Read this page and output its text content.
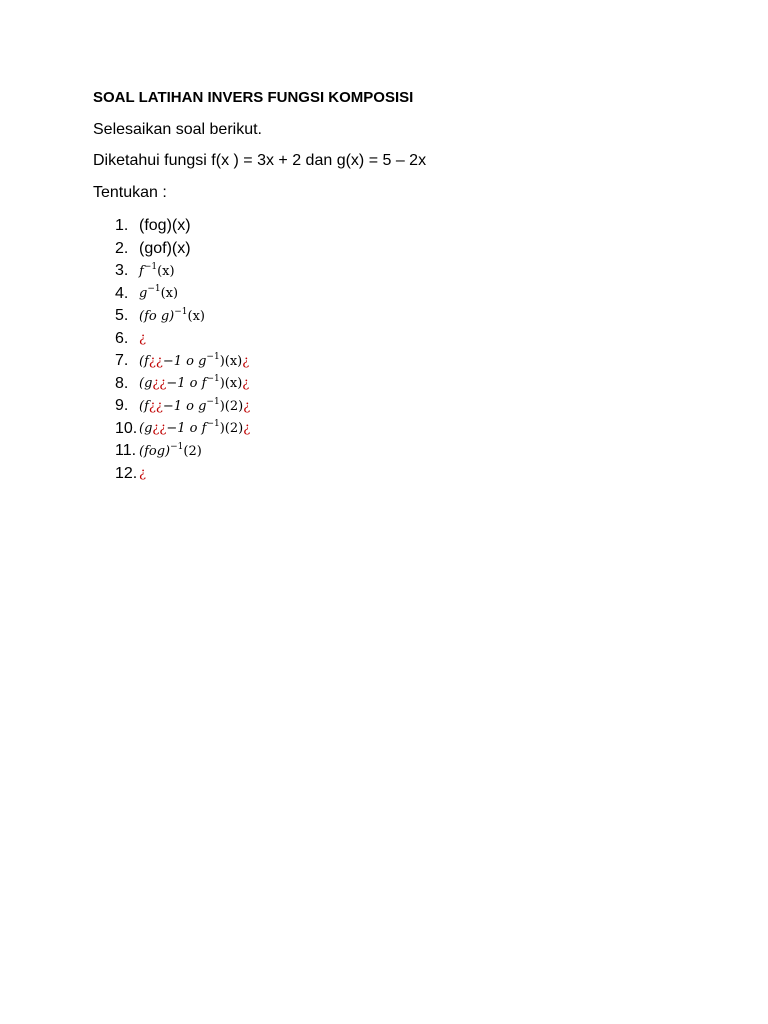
SOAL LATIHAN INVERS FUNGSI KOMPOSISI
Selesaikan soal berikut.
Diketahui fungsi f(x ) = 3x + 2 dan g(x) = 5 – 2x
Tentukan :
1. (fog)(x)
2. (gof)(x)
3. $f^{-1}(x)$
4. $g^{-1}(x)$
5. (fo g)$^{-1}$(x)
6. ¿
7. (f¿¿−1 o $g^{-1})(x)¿$
8. (g¿¿−1 o $f^{-1})(x)¿$
9. (f¿¿−1 o $g^{-1})(2)¿$
10. (g¿¿−1 o $f^{-1})(2)¿$
11. (fog)$^{-1}$(2)
12. ¿
